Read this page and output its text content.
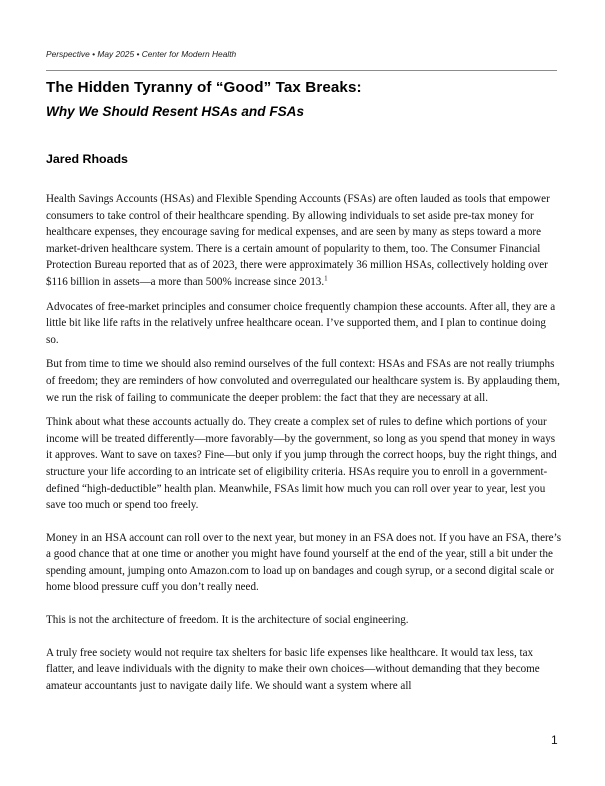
Perspective • May 2025 • Center for Modern Health
The Hidden Tyranny of “Good” Tax Breaks:
Why We Should Resent HSAs and FSAs
Jared Rhoads

Health Savings Accounts (HSAs) and Flexible Spending Accounts (FSAs) are often lauded as tools that empower consumers to take control of their healthcare spending. By allowing individuals to set aside pre-tax money for healthcare expenses, they encourage saving for medical expenses, and are seen by many as steps toward a more market-driven healthcare system. There is a certain amount of popularity to them, too. The Consumer Financial Protection Bureau reported that as of 2023, there were approximately 36 million HSAs, collectively holding over $116 billion in assets—a more than 500% increase since 2013.$^1$

Advocates of free-market principles and consumer choice frequently champion these accounts. After all, they are a little bit like life rafts in the relatively unfree healthcare ocean. I’ve supported them, and I plan to continue doing so.

But from time to time we should also remind ourselves of the full context: HSAs and FSAs are not really triumphs of freedom; they are reminders of how convoluted and overregulated our healthcare system is. By applauding them, we run the risk of failing to communicate the deeper problem: the fact that they are necessary at all.

Think about what these accounts actually do. They create a complex set of rules to define which portions of your income will be treated differently—more favorably—by the government, so long as you spend that money in ways it approves. Want to save on taxes? Fine—but only if you jump through the correct hoops, buy the right things, and structure your life according to an intricate set of eligibility criteria. HSAs require you to enroll in a government-defined “high-deductible” health plan. Meanwhile, FSAs limit how much you can roll over year to year, lest you save too much or spend too freely.

Money in an HSA account can roll over to the next year, but money in an FSA does not. If you have an FSA, there’s a good chance that at one time or another you might have found yourself at the end of the year, still a bit under the spending amount, jumping onto Amazon.com to load up on bandages and cough syrup, or a second digital scale or home blood pressure cuff you don’t really need.

This is not the architecture of freedom. It is the architecture of social engineering.

A truly free society would not require tax shelters for basic life expenses like healthcare. It would tax less, tax flatter, and leave individuals with the dignity to make their own choices—without demanding that they become amateur accountants just to navigate daily life. We should want a system where all

1
